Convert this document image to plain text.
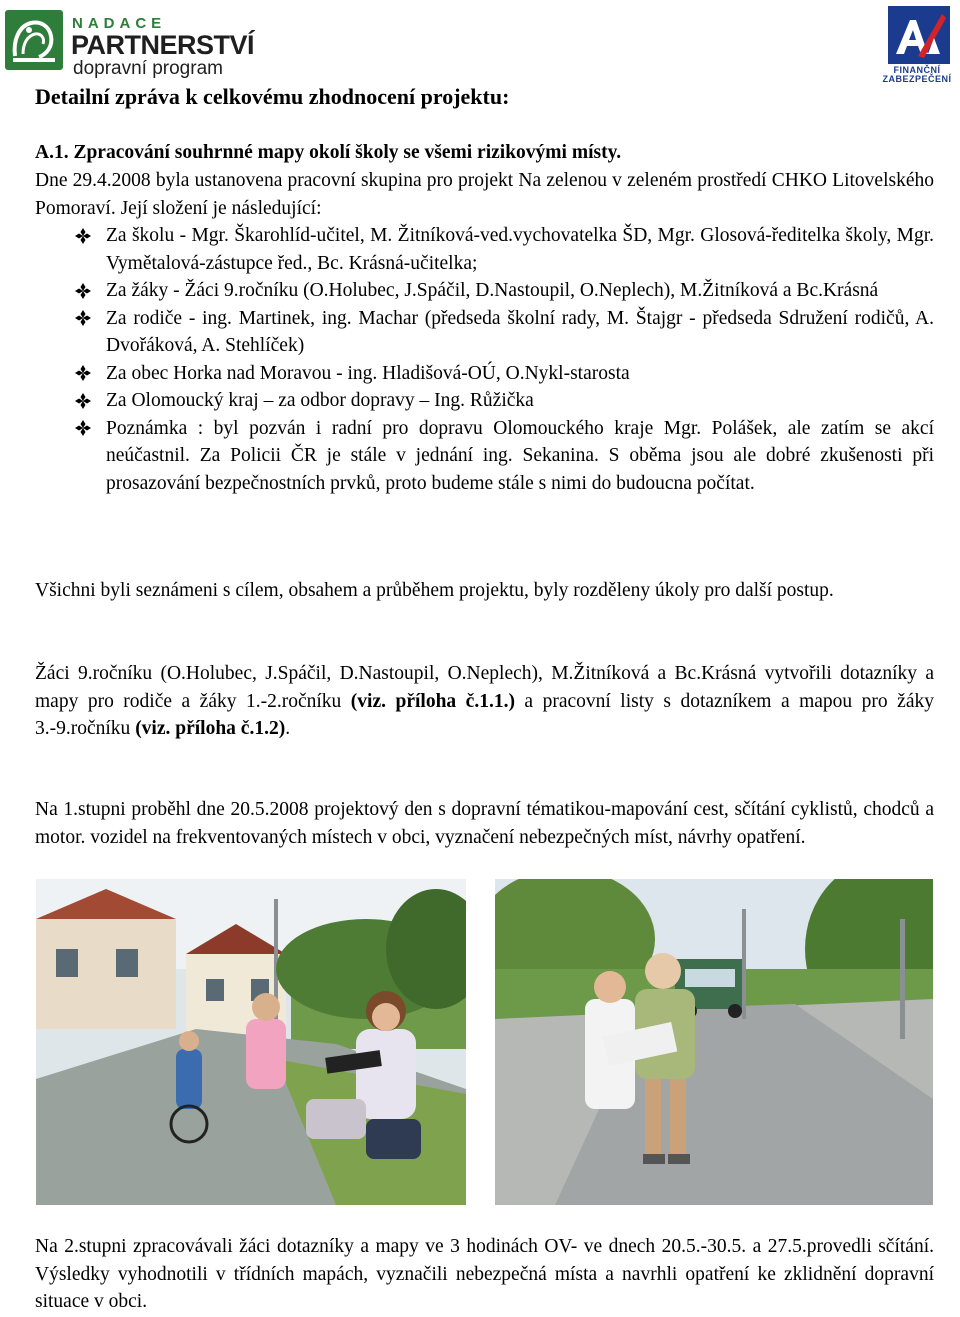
NADACE
PARTNERSTVÍ
dopravní program	FINANČNÍ ZABEZPEČENÍ
Detailní zpráva k celkovému zhodnocení projektu:
A.1. Zpracování souhrnné mapy okolí školy se všemi rizikovými místy.

Dne 29.4.2008 byla ustanovena pracovní skupina pro projekt Na zelenou v zeleném prostředí CHKO Litovelského Pomoraví. Její složení je následující:

Za školu - Mgr. Škarohlíd-učitel, M. Žitníková-ved.vychovatelka ŠD, Mgr. Glosová-ředitelka školy, Mgr. Vymětalová-zástupce řed., Bc. Krásná-učitelka;
Za žáky - Žáci 9.ročníku (O.Holubec, J.Spáčil, D.Nastoupil, O.Neplech), M.Žitníková a Bc.Krásná
Za rodiče - ing. Martinek, ing. Machar (předseda školní rady, M. Štajgr - předseda Sdružení rodičů, A. Dvořáková, A. Stehlíček)
Za obec Horka nad Moravou - ing. Hladišová-OÚ, O.Nykl-starosta
Za Olomoucký kraj – za odbor dopravy – Ing. Růžička
Poznámka : byl pozván i radní pro dopravu Olomouckého kraje Mgr. Polášek, ale zatím se akcí neúčastnil. Za Policii ČR je stále v jednání ing. Sekanina. S oběma jsou ale dobré zkušenosti při prosazování bezpečnostních prvků, proto budeme stále s nimi do budoucna počítat.

Všichni byli seznámeni s cílem, obsahem a průběhem projektu, byly rozděleny úkoly pro další postup.

Žáci 9.ročníku (O.Holubec, J.Spáčil, D.Nastoupil, O.Neplech), M.Žitníková a Bc.Krásná vytvořili dotazníky a mapy pro rodiče a žáky 1.-2.ročníku (viz. příloha č.1.1.) a pracovní listy s dotazníkem a mapou pro žáky 3.-9.ročníku (viz. příloha č.1.2).

Na 1.stupni proběhl dne 20.5.2008 projektový den s dopravní tématikou-mapování cest, sčítání cyklistů, chodců a motor. vozidel na frekventovaných místech v obci, vyznačení nebezpečných míst, návrhy opatření.

Na 2.stupni zpracovávali žáci dotazníky a mapy ve 3 hodinách OV- ve dnech 20.5.-30.5. a 27.5.provedli sčítání. Výsledky vyhodnotili v třídních mapách, vyznačili nebezpečná místa a navrhli opatření ke zklidnění dopravní situace v obci.
